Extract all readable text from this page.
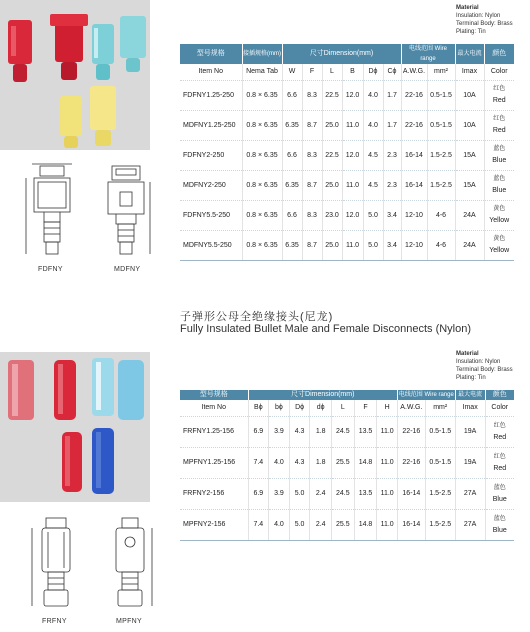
FDFNY	MDFNY
Material
Insulation: Nylon
Terminal Body: Brass
Plating: Tin
型号规格	接插规格(mm)	尺寸Dimension(mm)						电线范围 Wire range		最大电流	颜色
Item No	Nema Tab	W	F	L	B	Dϕ	Cϕ	A.W.G.	mm²	Imax	Color
FDFNY1.25-250	0.8 × 6.35	6.6	8.3	22.5	12.0	4.0	1.7	22-16	0.5-1.5	10A	红色
Red

MDFNY1.25-250	0.8 × 6.35	6.35	8.7	25.0	11.0	4.0	1.7	22-16	0.5-1.5	10A	红色
Red

FDFNY2-250	0.8 × 6.35	6.6	8.3	22.5	12.0	4.5	2.3	16-14	1.5-2.5	15A	蓝色
Blue

MDFNY2-250	0.8 × 6.35	6.35	8.7	25.0	11.0	4.5	2.3	16-14	1.5-2.5	15A	蓝色
Blue

FDFNY5.5-250	0.8 × 6.35	6.6	8.3	23.0	12.0	5.0	3.4	12-10	4-6	24A	黄色
Yellow

MDFNY5.5-250	0.8 × 6.35	6.35	8.7	25.0	11.0	5.0	3.4	12-10	4-6	24A	黄色
Yellow
子弹形公母全绝缘接头(尼龙)
Fully Insulated Bullet Male and Female Disconnects (Nylon)
FRFNY	MPFNY
Material
Insulation: Nylon
Terminal Body: Brass
Plating: Tin
型号规格	尺寸Dimension(mm)							电线范围 Wire range		最大电流	颜色
Item No	Bϕ	bϕ	Dϕ	dϕ	L	F	H	A.W.G.	mm²	Imax	Color
FRFNY1.25-156	6.9	3.9	4.3	1.8	24.5	13.5	11.0	22-16	0.5-1.5	19A	红色
Red

MPFNY1.25-156	7.4	4.0	4.3	1.8	25.5	14.8	11.0	22-16	0.5-1.5	19A	红色
Red

FRFNY2-156	6.9	3.9	5.0	2.4	24.5	13.5	11.0	16-14	1.5-2.5	27A	蓝色
Blue

MPFNY2-156	7.4	4.0	5.0	2.4	25.5	14.8	11.0	16-14	1.5-2.5	27A	蓝色
Blue
